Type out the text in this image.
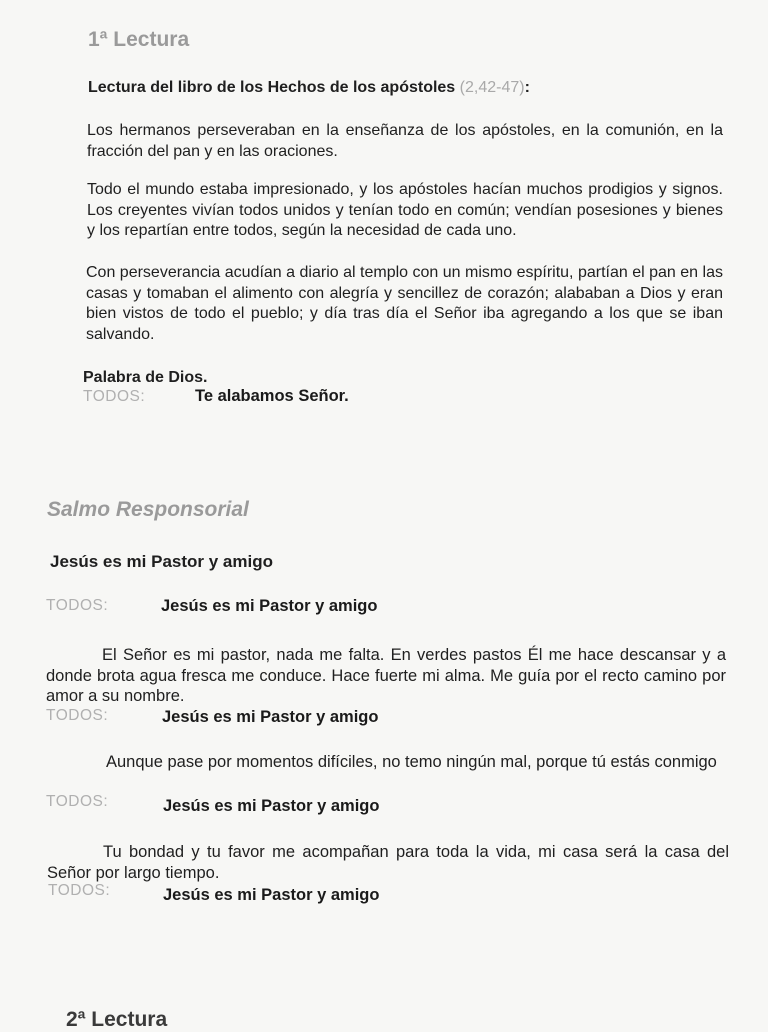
1ª Lectura

Lectura del libro de los Hechos de los apóstoles (2,42-47):

Los hermanos perseveraban en la enseñanza de los apóstoles, en la comunión, en la fracción del pan y en las oraciones.

Todo el mundo estaba impresionado, y los apóstoles hacían muchos prodigios y signos. Los creyentes vivían todos unidos y tenían todo en común; vendían posesiones y bienes y los repartían entre todos, según la necesidad de cada uno.

Con perseverancia acudían a diario al templo con un mismo espíritu, partían el pan en las casas y tomaban el alimento con alegría y sencillez de corazón; alababan a Dios y eran bien vistos de todo el pueblo; y día tras día el Señor iba agregando a los que se iban salvando.

Palabra de Dios.

TODOS:	Te alabamos Señor.
Salmo Responsorial

Jesús es mi Pastor y amigo

TODOS:	Jesús es mi Pastor y amigo

El Señor es mi pastor, nada me falta. En verdes pastos Él me hace descansar y a donde brota agua fresca me conduce. Hace fuerte mi alma. Me guía por el recto camino por amor a su nombre.

TODOS:	Jesús es mi Pastor y amigo

Aunque pase por momentos difíciles, no temo ningún mal, porque tú estás conmigo

TODOS:	Jesús es mi Pastor y amigo

Tu bondad y tu favor me acompañan para toda la vida, mi casa será la casa del Señor por largo tiempo.

TODOS:	Jesús es mi Pastor y amigo
2ª Lectura
